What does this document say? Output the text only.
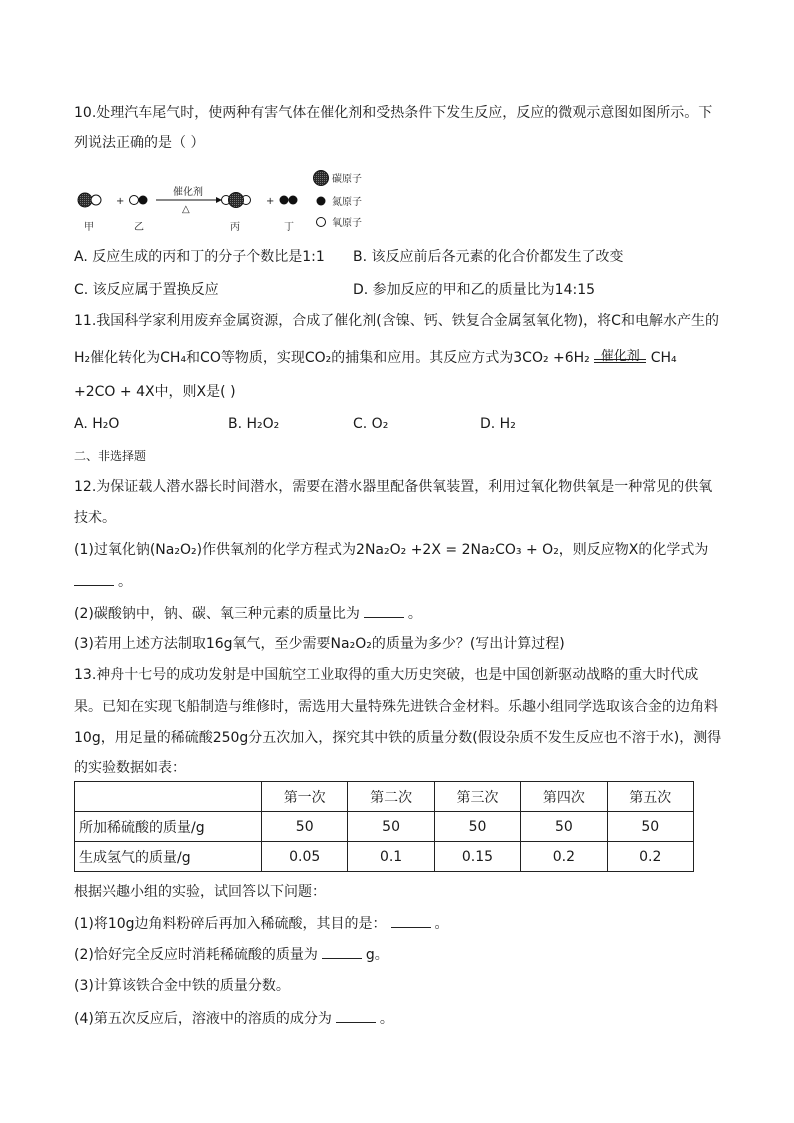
10.处理汽车尾气时，使两种有害气体在催化剂和受热条件下发生反应，反应的微观示意图如图所示。下
列说法正确的是（ ）
+
催化剂
△
+
甲	乙	丙	丁
碳原子
氮原子
氧原子
A. 反应生成的丙和丁的分子个数比是1:1 B. 该反应前后各元素的化合价都发生了改变
C. 该反应属于置换反应	D. 参加反应的甲和乙的质量比为14:15
11.我国科学家利用废弃金属资源，合成了催化剂(含镍、钙、铁复合金属氢氧化物)，将C和电解水产生的
H₂催化转化为CH₄和CO等物质，实现CO₂的捕集和应用。其反应方式为3CO₂ +6H₂ 催化剂 CH₄
+2CO + 4X中，则X是( )
A. H₂O	B. H₂O₂	C. O₂	D. H₂
二、非选择题
12.为保证载人潜水器长时间潜水，需要在潜水器里配备供氧装置，利用过氧化物供氧是一种常见的供氧
技术。
(1)过氧化钠(Na₂O₂)作供氧剂的化学方程式为2Na₂O₂ +2X = 2Na₂CO₃ + O₂，则反应物X的化学式为
。
(2)碳酸钠中，钠、碳、氧三种元素的质量比为	。
(3)若用上述方法制取16g氧气，至少需要Na₂O₂的质量为多少？(写出计算过程)
13.神舟十七号的成功发射是中国航空工业取得的重大历史突破，也是中国创新驱动战略的重大时代成
果。已知在实现飞船制造与维修时，需选用大量特殊先进铁合金材料。乐趣小组同学选取该合金的边角料
10g，用足量的稀硫酸250g分五次加入，探究其中铁的质量分数(假设杂质不发生反应也不溶于水)，测得
的实验数据如表：
	第一次	第二次	第三次	第四次	第五次
所加稀硫酸的质量/g	50	50	50	50	50
生成氢气的质量/g	0.05	0.1	0.15	0.2	0.2
根据兴趣小组的实验，试回答以下问题：
(1)将10g边角料粉碎后再加入稀硫酸，其目的是：	。
(2)恰好完全反应时消耗稀硫酸的质量为	g。
(3)计算该铁合金中铁的质量分数。
(4)第五次反应后，溶液中的溶质的成分为	。
